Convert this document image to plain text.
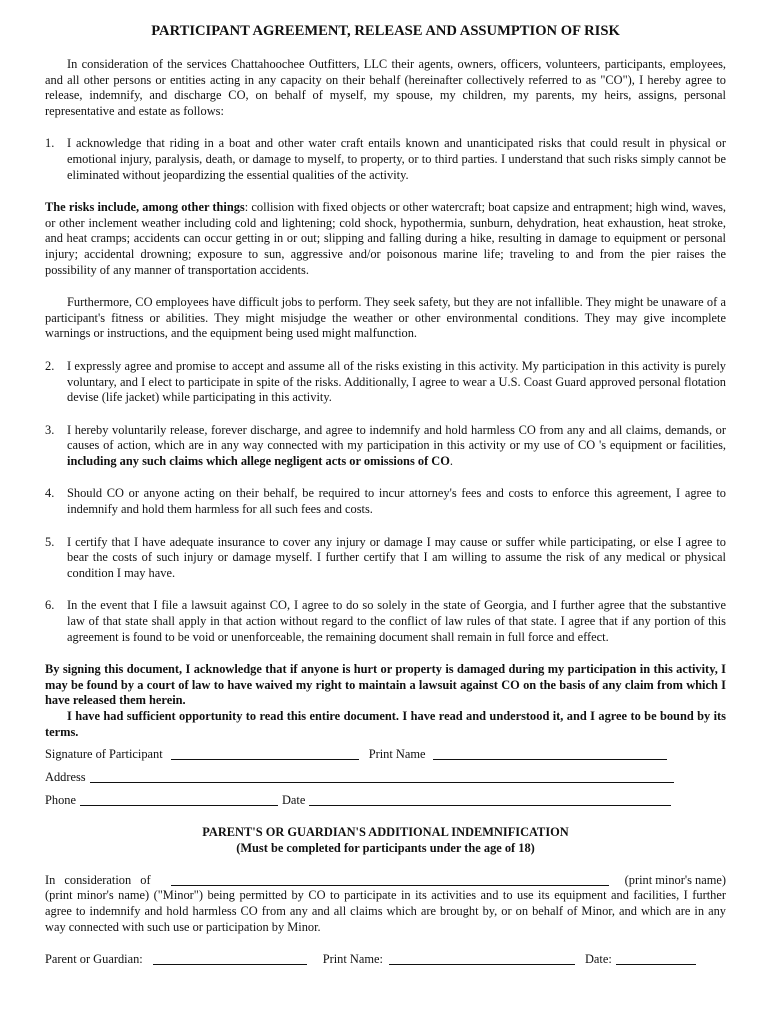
PARTICIPANT AGREEMENT, RELEASE AND ASSUMPTION OF RISK

In consideration of the services Chattahoochee Outfitters, LLC their agents, owners, officers, volunteers, participants, employees, and all other persons or entities acting in any capacity on their behalf (hereinafter collectively referred to as "CO"), I hereby agree to release, indemnify, and discharge CO, on behalf of myself, my spouse, my children, my parents, my heirs, assigns, personal representative and estate as follows:

1.	I acknowledge that riding in a boat and other water craft entails known and unanticipated risks that could result in physical or emotional injury, paralysis, death, or damage to myself, to property, or to third parties. I understand that such risks simply cannot be eliminated without jeopardizing the essential qualities of the activity.

The risks include, among other things: collision with fixed objects or other watercraft; boat capsize and entrapment; high wind, waves, or other inclement weather including cold and lightening; cold shock, hypothermia, sunburn, dehydration, heat exhaustion, heat stroke, and heat cramps; accidents can occur getting in or out; slipping and falling during a hike, resulting in damage to equipment or personal injury; accidental drowning; exposure to sun, aggressive and/or poisonous marine life; traveling to and from the pier raises the possibility of any manner of transportation accidents.

Furthermore, CO employees have difficult jobs to perform. They seek safety, but they are not infallible. They might be unaware of a participant's fitness or abilities. They might misjudge the weather or other environmental conditions. They may give incomplete warnings or instructions, and the equipment being used might malfunction.

2.	I expressly agree and promise to accept and assume all of the risks existing in this activity. My participation in this activity is purely voluntary, and I elect to participate in spite of the risks. Additionally, I agree to wear a U.S. Coast Guard approved personal flotation devise (life jacket) while participating in this activity.
3.	I hereby voluntarily release, forever discharge, and agree to indemnify and hold harmless CO from any and all claims, demands, or causes of action, which are in any way connected with my participation in this activity or my use of CO 's equipment or facilities, including any such claims which allege negligent acts or omissions of CO.
4.	Should CO or anyone acting on their behalf, be required to incur attorney's fees and costs to enforce this agreement, I agree to indemnify and hold them harmless for all such fees and costs.
5.	I certify that I have adequate insurance to cover any injury or damage I may cause or suffer while participating, or else I agree to bear the costs of such injury or damage myself. I further certify that I am willing to assume the risk of any medical or physical condition I may have.
6.	In the event that I file a lawsuit against CO, I agree to do so solely in the state of Georgia, and I further agree that the substantive law of that state shall apply in that action without regard to the conflict of law rules of that state. I agree that if any portion of this agreement is found to be void or unenforceable, the remaining document shall remain in full force and effect.

By signing this document, I acknowledge that if anyone is hurt or property is damaged during my participation in this activity, I may be found by a court of law to have waived my right to maintain a lawsuit against CO on the basis of any claim from which I have released them herein.

I have had sufficient opportunity to read this entire document. I have read and understood it, and I agree to be bound by its terms.

Signature of Participant	Print Name
Address
Phone	Date
PARENT'S OR GUARDIAN'S ADDITIONAL INDEMNIFICATION
(Must be completed for participants under the age of 18)
In consideration of	(print minor's name)

(print minor's name) ("Minor") being permitted by CO to participate in its activities and to use its equipment and facilities, I further agree to indemnify and hold harmless CO from any and all claims which are brought by, or on behalf of Minor, and which are in any way connected with such use or participation by Minor.

Parent or Guardian:	Print Name:	Date:
